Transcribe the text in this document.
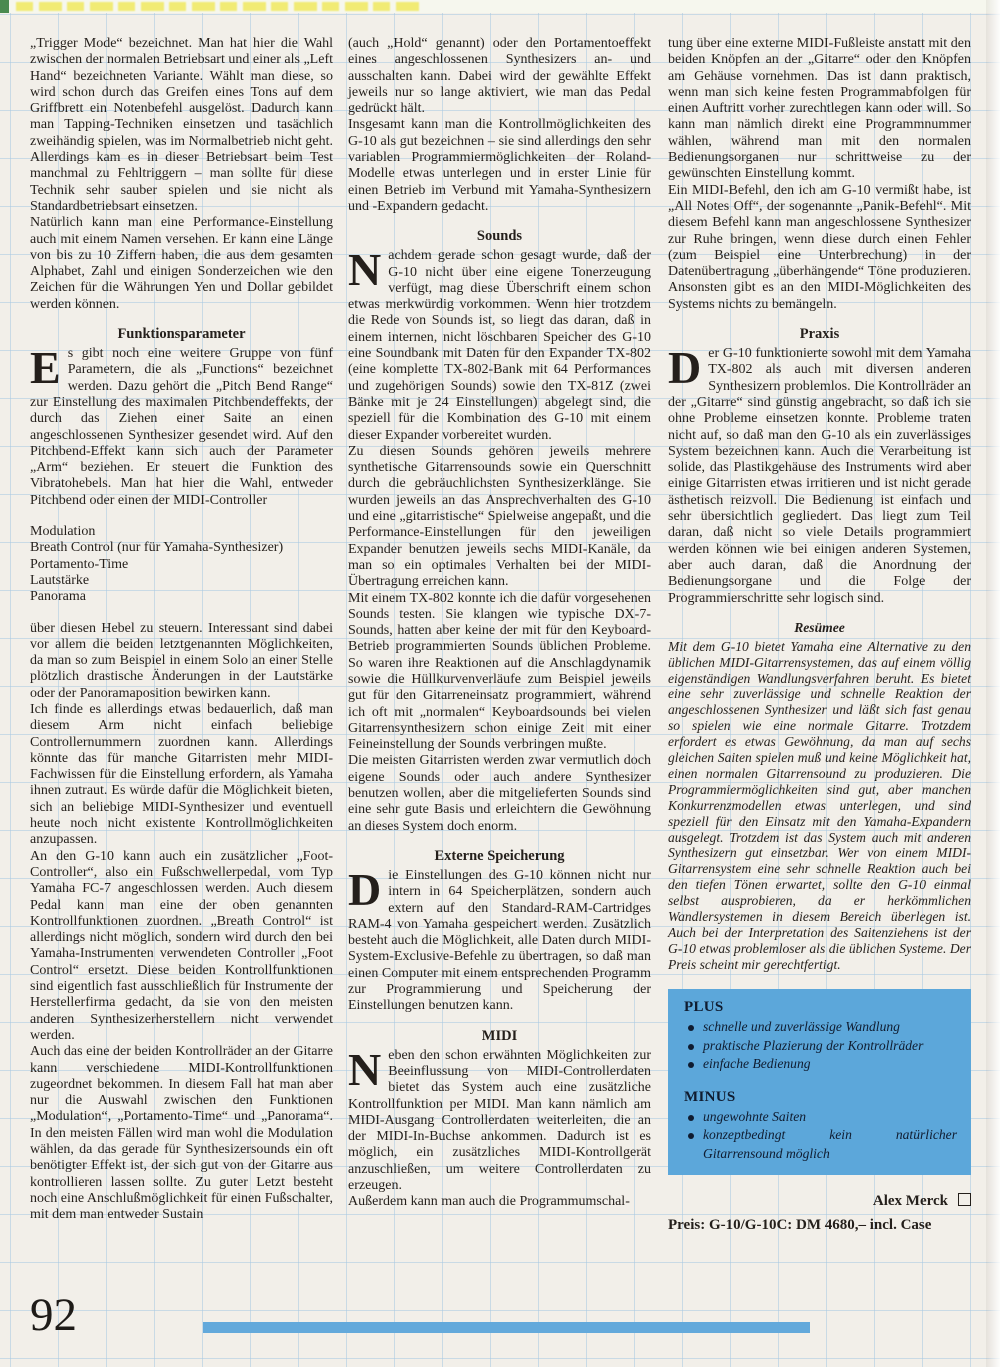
„Trigger Mode“ bezeichnet. Man hat hier die Wahl zwischen der normalen Betriebsart und einer als „Left Hand“ bezeichneten Variante. Wählt man diese, so wird schon durch das Greifen eines Tons auf dem Griffbrett ein Notenbefehl ausgelöst. Dadurch kann man Tapping-Techniken einsetzen und tasächlich zweihändig spielen, was im Normalbetrieb nicht geht. Allerdings kam es in dieser Betriebsart beim Test manchmal zu Fehltriggern – man sollte für diese Technik sehr sauber spielen und sie nicht als Standardbetriebsart einsetzen.

Natürlich kann man eine Performance-Einstellung auch mit einem Namen versehen. Er kann eine Länge von bis zu 10 Ziffern haben, die aus dem gesamten Alphabet, Zahl und einigen Sonderzeichen wie den Zeichen für die Währungen Yen und Dollar gebildet werden können.

Funktionsparameter

Es gibt noch eine weitere Gruppe von fünf Parametern, die als „Functions“ bezeichnet werden. Dazu gehört die „Pitch Bend Range“ zur Einstellung des maximalen Pitchbendeffekts, der durch das Ziehen einer Saite an einen angeschlossenen Synthesizer gesendet wird. Auf den Pitchbend-Effekt kann sich auch der Parameter „Arm“ beziehen. Er steuert die Funktion des Vibratohebels. Man hat hier die Wahl, entweder Pitchbend oder einen der MIDI-Controller

Modulation
Breath Control (nur für Yamaha-Synthesizer)
Portamento-Time
Lautstärke
Panorama

über diesen Hebel zu steuern. Interessant sind dabei vor allem die beiden letztgenannten Möglichkeiten, da man so zum Beispiel in einem Solo an einer Stelle plötzlich drastische Änderungen in der Lautstärke oder der Panoramaposition bewirken kann.

Ich finde es allerdings etwas bedauerlich, daß man diesem Arm nicht einfach beliebige Controllernummern zuordnen kann. Allerdings könnte das für manche Gitarristen mehr MIDI-Fachwissen für die Einstellung erfordern, als Yamaha ihnen zutraut. Es würde dafür die Möglichkeit bieten, sich an beliebige MIDI-Synthesizer und eventuell heute noch nicht existente Kontrollmöglichkeiten anzupassen.

An den G-10 kann auch ein zusätzlicher „Foot-Controller“, also ein Fußschwellerpedal, vom Typ Yamaha FC-7 angeschlossen werden. Auch diesem Pedal kann man eine der oben genannten Kontrollfunktionen zuordnen. „Breath Control“ ist allerdings nicht möglich, sondern wird durch den bei Yamaha-Instrumenten verwendeten Controller „Foot Control“ ersetzt. Diese beiden Kontrollfunktionen sind eigentlich fast ausschließlich für Instrumente der Herstellerfirma gedacht, da sie von den meisten anderen Synthesizerherstellern nicht verwendet werden.

Auch das eine der beiden Kontrollräder an der Gitarre kann verschiedene MIDI-Kontrollfunktionen zugeordnet bekommen. In diesem Fall hat man aber nur die Auswahl zwischen den Funktionen „Modulation“, „Portamento-Time“ und „Panorama“. In den meisten Fällen wird man wohl die Modulation wählen, da das gerade für Synthesizersounds ein oft benötigter Effekt ist, der sich gut von der Gitarre aus kontrollieren lassen sollte. Zu guter Letzt besteht noch eine Anschlußmöglichkeit für einen Fußschalter, mit dem man entweder Sustain

(auch „Hold“ genannt) oder den Portamentoeffekt eines angeschlossenen Synthesizers an- und ausschalten kann. Dabei wird der gewählte Effekt jeweils nur so lange aktiviert, wie man das Pedal gedrückt hält.

Insgesamt kann man die Kontrollmöglichkeiten des G-10 als gut bezeichnen – sie sind allerdings den sehr variablen Programmiermöglichkeiten der Roland-Modelle etwas unterlegen und in erster Linie für einen Betrieb im Verbund mit Yamaha-Synthesizern und -Expandern gedacht.

Sounds

Nachdem gerade schon gesagt wurde, daß der G-10 nicht über eine eigene Tonerzeugung verfügt, mag diese Überschrift einem schon etwas merkwürdig vorkommen. Wenn hier trotzdem die Rede von Sounds ist, so liegt das daran, daß in einem internen, nicht löschbaren Speicher des G-10 eine Soundbank mit Daten für den Expander TX-802 (eine komplette TX-802-Bank mit 64 Performances und zugehörigen Sounds) sowie den TX-81Z (zwei Bänke mit je 24 Einstellungen) abgelegt sind, die speziell für die Kombination des G-10 mit einem dieser Expander vorbereitet wurden.

Zu diesen Sounds gehören jeweils mehrere synthetische Gitarrensounds sowie ein Querschnitt durch die gebräuchlichsten Synthesizerklänge. Sie wurden jeweils an das Ansprechverhalten des G-10 und eine „gitarristische“ Spielweise angepaßt, und die Performance-Einstellungen für den jeweiligen Expander benutzen jeweils sechs MIDI-Kanäle, da man so ein optimales Verhalten bei der MIDI-Übertragung erreichen kann.

Mit einem TX-802 konnte ich die dafür vorgesehenen Sounds testen. Sie klangen wie typische DX-7-Sounds, hatten aber keine der mit für den Keyboard-Betrieb programmierten Sounds üblichen Probleme. So waren ihre Reaktionen auf die Anschlagdynamik sowie die Hüllkurvenverläufe zum Beispiel jeweils gut für den Gitarreneinsatz programmiert, während ich oft mit „normalen“ Keyboardsounds bei vielen Gitarrensynthesizern schon einige Zeit mit einer Feineinstellung der Sounds verbringen mußte.

Die meisten Gitarristen werden zwar vermutlich doch eigene Sounds oder auch andere Synthesizer benutzen wollen, aber die mitgelieferten Sounds sind eine sehr gute Basis und erleichtern die Gewöhnung an dieses System doch enorm.

Externe Speicherung

Die Einstellungen des G-10 können nicht nur intern in 64 Speicherplätzen, sondern auch extern auf den Standard-RAM-Cartridges RAM-4 von Yamaha gespeichert werden. Zusätzlich besteht auch die Möglichkeit, alle Daten durch MIDI-System-Exclusive-Befehle zu übertragen, so daß man einen Computer mit einem entsprechenden Programm zur Programmierung und Speicherung der Einstellungen benutzen kann.

MIDI

Neben den schon erwähnten Möglichkeiten zur Beeinflussung von MIDI-Controllerdaten bietet das System auch eine zusätzliche Kontrollfunktion per MIDI. Man kann nämlich am MIDI-Ausgang Controllerdaten weiterleiten, die an der MIDI-In-Buchse ankommen. Dadurch ist es möglich, ein zusätzliches MIDI-Kontrollgerät anzuschließen, um weitere Controllerdaten zu erzeugen.

Außerdem kann man auch die Programmumschal-

tung über eine externe MIDI-Fußleiste anstatt mit den beiden Knöpfen an der „Gitarre“ oder den Knöpfen am Gehäuse vornehmen. Das ist dann praktisch, wenn man sich keine festen Programmabfolgen für einen Auftritt vorher zurechtlegen kann oder will. So kann man nämlich direkt eine Programmnummer wählen, während man mit den normalen Bedienungsorganen nur schrittweise zu der gewünschten Einstellung kommt.

Ein MIDI-Befehl, den ich am G-10 vermißt habe, ist „All Notes Off“, der sogenannte „Panik-Befehl“. Mit diesem Befehl kann man angeschlossene Synthesizer zur Ruhe bringen, wenn diese durch einen Fehler (zum Beispiel eine Unterbrechung) in der Datenübertragung „überhängende“ Töne produzieren. Ansonsten gibt es an den MIDI-Möglichkeiten des Systems nichts zu bemängeln.

Praxis

Der G-10 funktionierte sowohl mit dem Yamaha TX-802 als auch mit diversen anderen Synthesizern problemlos. Die Kontrollräder an der „Gitarre“ sind günstig angebracht, so daß ich sie ohne Probleme einsetzen konnte. Probleme traten nicht auf, so daß man den G-10 als ein zuverlässiges System bezeichnen kann. Auch die Verarbeitung ist solide, das Plastikgehäuse des Instruments wird aber einige Gitarristen etwas irritieren und ist nicht gerade ästhetisch reizvoll. Die Bedienung ist einfach und sehr übersichtlich gegliedert. Das liegt zum Teil daran, daß nicht so viele Details programmiert werden können wie bei einigen anderen Systemen, aber auch daran, daß die Anordnung der Bedienungsorgane und die Folge der Programmierschritte sehr logisch sind.

Resümee

Mit dem G-10 bietet Yamaha eine Alternative zu den üblichen MIDI-Gitarrensystemen, das auf einem völlig eigenständigen Wandlungsverfahren beruht. Es bietet eine sehr zuverlässige und schnelle Reaktion der angeschlossenen Synthesizer und läßt sich fast genau so spielen wie eine normale Gitarre. Trotzdem erfordert es etwas Gewöhnung, da man auf sechs gleichen Saiten spielen muß und keine Möglichkeit hat, einen normalen Gitarrensound zu produzieren. Die Programmiermöglichkeiten sind gut, aber manchen Konkurrenzmodellen etwas unterlegen, und sind speziell für den Einsatz mit den Yamaha-Expandern ausgelegt. Trotzdem ist das System auch mit anderen Synthesizern gut einsetzbar. Wer von einem MIDI-Gitarrensystem eine sehr schnelle Reaktion auch bei den tiefen Tönen erwartet, sollte den G-10 einmal selbst ausprobieren, da er herkömmlichen Wandlersystemen in diesem Bereich überlegen ist. Auch bei der Interpretation des Saitenziehens ist der G-10 etwas problemloser als die üblichen Systeme. Der Preis scheint mir gerechtfertigt.

PLUS
schnelle und zuverlässige Wandlung
praktische Plazierung der Kontrollräder
einfache Bedienung
MINUS
ungewohnte Saiten
konzeptbedingt kein natürlicher Gitarrensound möglich
Alex Merck
Preis: G-10/G-10C: DM 4680,– incl. Case
92
